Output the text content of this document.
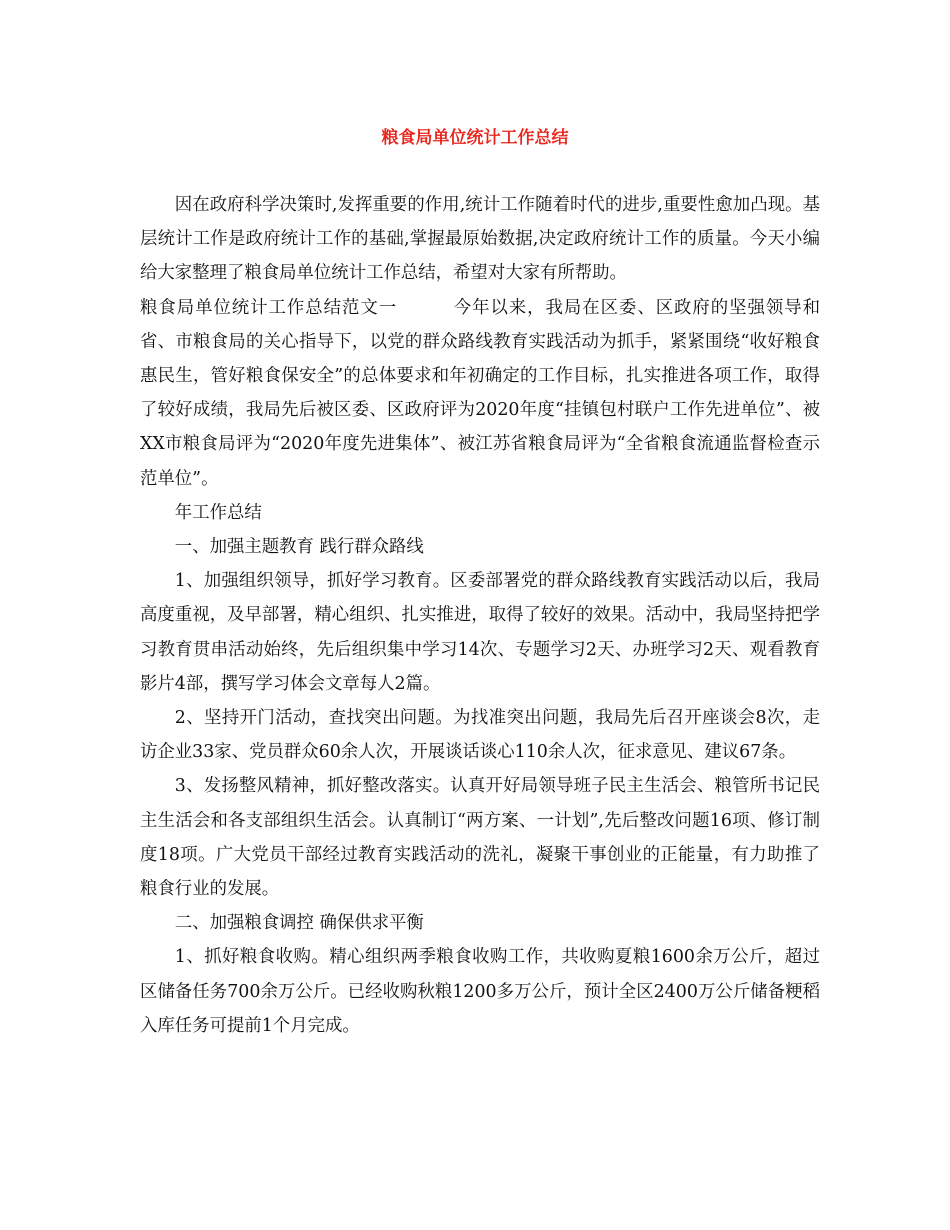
粮食局单位统计工作总结

因在政府科学决策时,发挥重要的作用,统计工作随着时代的进步,重要性愈加凸现。基层统计工作是政府统计工作的基础,掌握最原始数据,决定政府统计工作的质量。今天小编给大家整理了粮食局单位统计工作总结，希望对大家有所帮助。

粮食局单位统计工作总结范文一	今年以来，我局在区委、区政府的坚强领导和省、市粮食局的关心指导下，以党的群众路线教育实践活动为抓手，紧紧围绕“收好粮食惠民生，管好粮食保安全”的总体要求和年初确定的工作目标，扎实推进各项工作，取得了较好成绩，我局先后被区委、区政府评为2020年度“挂镇包村联户工作先进单位”、被XX市粮食局评为“2020年度先进集体”、被江苏省粮食局评为“全省粮食流通监督检查示范单位”。

年工作总结

一、加强主题教育 践行群众路线

1、加强组织领导，抓好学习教育。区委部署党的群众路线教育实践活动以后，我局高度重视，及早部署，精心组织、扎实推进，取得了较好的效果。活动中，我局坚持把学习教育贯串活动始终，先后组织集中学习14次、专题学习2天、办班学习2天、观看教育影片4部，撰写学习体会文章每人2篇。

2、坚持开门活动，查找突出问题。为找准突出问题，我局先后召开座谈会8次，走访企业33家、党员群众60余人次，开展谈话谈心110余人次，征求意见、建议67条。

3、发扬整风精神，抓好整改落实。认真开好局领导班子民主生活会、粮管所书记民主生活会和各支部组织生活会。认真制订“两方案、一计划”,先后整改问题16项、修订制度18项。广大党员干部经过教育实践活动的洗礼，凝聚干事创业的正能量，有力助推了粮食行业的发展。

二、加强粮食调控 确保供求平衡

1、抓好粮食收购。精心组织两季粮食收购工作，共收购夏粮1600余万公斤，超过区储备任务700余万公斤。已经收购秋粮1200多万公斤，预计全区2400万公斤储备粳稻入库任务可提前1个月完成。
